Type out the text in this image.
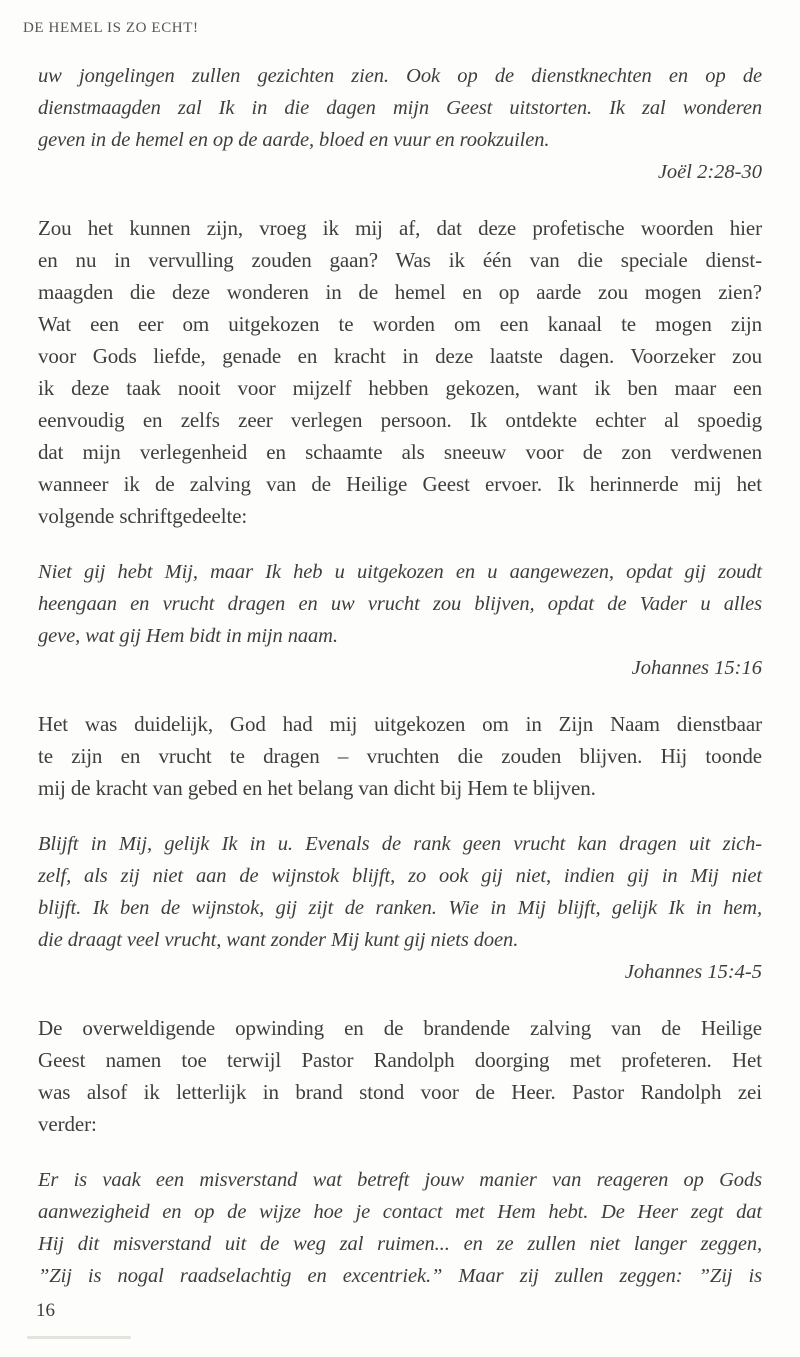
DE HEMEL IS ZO ECHT!
uw jongelingen zullen gezichten zien. Ook op de dienstknechten en op de
dienstmaagden zal Ik in die dagen mijn Geest uitstorten. Ik zal wonderen
geven in de hemel en op de aarde, bloed en vuur en rookzuilen.
Joël 2:28-30
Zou het kunnen zijn, vroeg ik mij af, dat deze profetische woorden hier
en nu in vervulling zouden gaan? Was ik één van die speciale dienst-
maagden die deze wonderen in de hemel en op aarde zou mogen zien?
Wat een eer om uitgekozen te worden om een kanaal te mogen zijn
voor Gods liefde, genade en kracht in deze laatste dagen. Voorzeker zou
ik deze taak nooit voor mijzelf hebben gekozen, want ik ben maar een
eenvoudig en zelfs zeer verlegen persoon. Ik ontdekte echter al spoedig
dat mijn verlegenheid en schaamte als sneeuw voor de zon verdwenen
wanneer ik de zalving van de Heilige Geest ervoer. Ik herinnerde mij het
volgende schriftgedeelte:
Niet gij hebt Mij, maar Ik heb u uitgekozen en u aangewezen, opdat gij zoudt
heengaan en vrucht dragen en uw vrucht zou blijven, opdat de Vader u alles
geve, wat gij Hem bidt in mijn naam.
Johannes 15:16
Het was duidelijk, God had mij uitgekozen om in Zijn Naam dienstbaar
te zijn en vrucht te dragen – vruchten die zouden blijven. Hij toonde
mij de kracht van gebed en het belang van dicht bij Hem te blijven.
Blijft in Mij, gelijk Ik in u. Evenals de rank geen vrucht kan dragen uit zich-
zelf, als zij niet aan de wijnstok blijft, zo ook gij niet, indien gij in Mij niet
blijft. Ik ben de wijnstok, gij zijt de ranken. Wie in Mij blijft, gelijk Ik in hem,
die draagt veel vrucht, want zonder Mij kunt gij niets doen.
Johannes 15:4-5
De overweldigende opwinding en de brandende zalving van de Heilige
Geest namen toe terwijl Pastor Randolph doorging met profeteren. Het
was alsof ik letterlijk in brand stond voor de Heer. Pastor Randolph zei
verder:
Er is vaak een misverstand wat betreft jouw manier van reageren op Gods
aanwezigheid en op de wijze hoe je contact met Hem hebt. De Heer zegt dat
Hij dit misverstand uit de weg zal ruimen... en ze zullen niet langer zeggen,
”Zij is nogal raadselachtig en excentriek.” Maar zij zullen zeggen: ”Zij is
16
